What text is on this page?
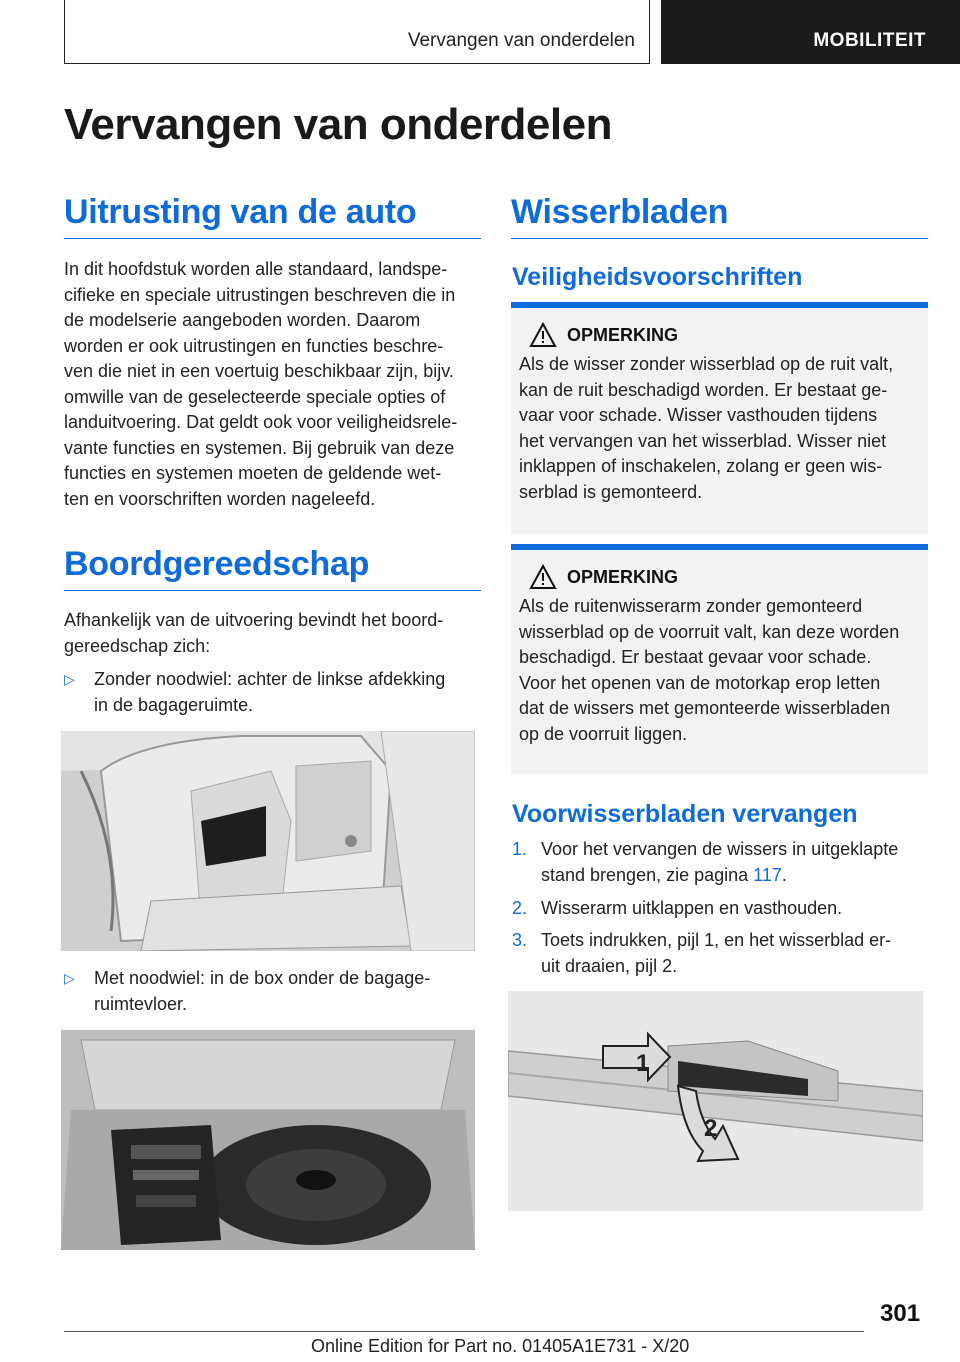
Vervangen van onderdelen	MOBILITEIT
Vervangen van onderdelen
Uitrusting van de auto
In dit hoofdstuk worden alle standaard, landspe-
cifieke en speciale uitrustingen beschreven die in
de modelserie aangeboden worden. Daarom
worden er ook uitrustingen en functies beschre-
ven die niet in een voertuig beschikbaar zijn, bijv.
omwille van de geselecteerde speciale opties of
landuitvoering. Dat geldt ook voor veiligheidsrele-
vante functies en systemen. Bij gebruik van deze
functies en systemen moeten de geldende wet-
ten en voorschriften worden nageleefd.
Boordgereedschap
Afhankelijk van de uitvoering bevindt het boord-
gereedschap zich:
▷ Zonder noodwiel: achter de linkse afdekking
in de bagageruimte.
▷ Met noodwiel: in de box onder de bagage-
ruimtevloer.
Wisserbladen
Veiligheidsvoorschriften
OPMERKING
Als de wisser zonder wisserblad op de ruit valt,
kan de ruit beschadigd worden. Er bestaat ge-
vaar voor schade. Wisser vasthouden tijdens
het vervangen van het wisserblad. Wisser niet
inklappen of inschakelen, zolang er geen wis-
serblad is gemonteerd.
OPMERKING
Als de ruitenwisserarm zonder gemonteerd
wisserblad op de voorruit valt, kan deze worden
beschadigd. Er bestaat gevaar voor schade.
Voor het openen van de motorkap erop letten
dat de wissers met gemonteerde wisserbladen
op de voorruit liggen.
Voorwisserbladen vervangen
1. Voor het vervangen de wissers in uitgeklapte
stand brengen, zie pagina 117.
2. Wisserarm uitklappen en vasthouden.
3. Toets indrukken, pijl 1, en het wisserblad er-
uit draaien, pijl 2.
1
2
301
Online Edition for Part no. 01405A1E731 - X/20
